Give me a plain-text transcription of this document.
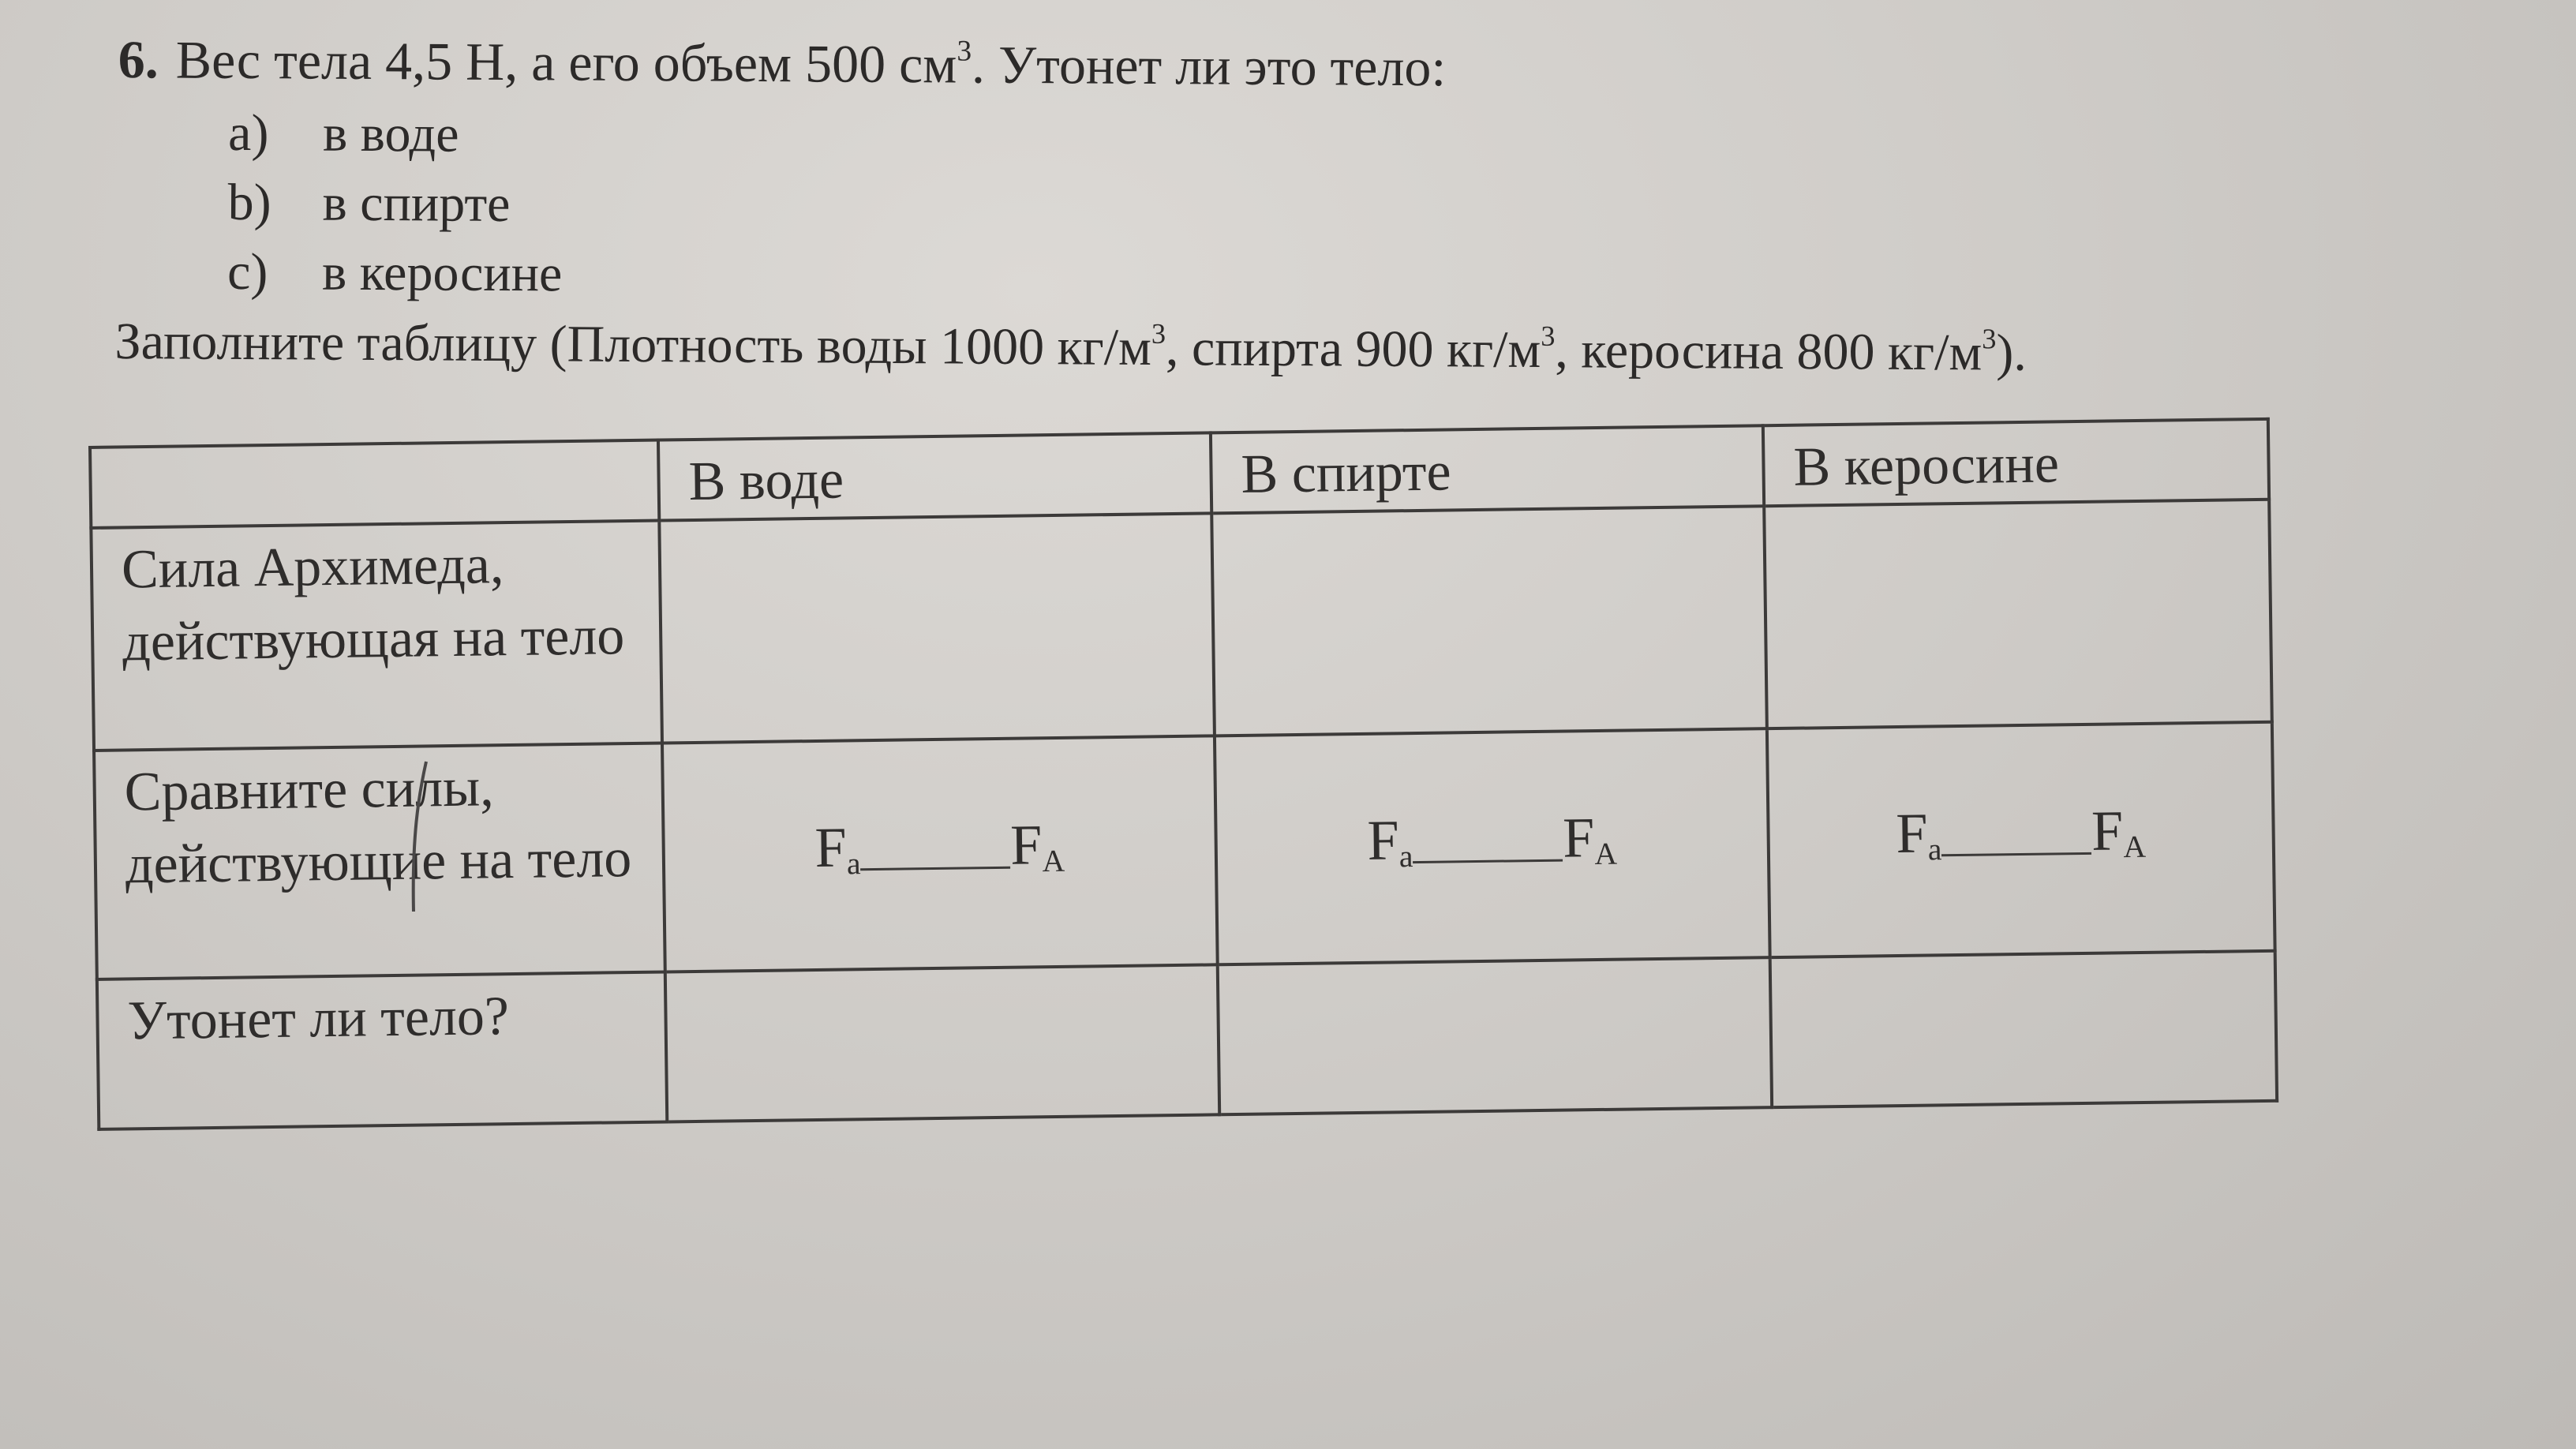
6. Вес тела 4,5 Н, а его объем 500 $см^3$. Утонет ли это тело:
a) в воде
b) в спирте
c) в керосине
Заполните таблицу (Плотность воды 1000 $кг/м^3$, спирта 900 $кг/м^3$, керосина 800 $кг/м^3$).
	В воде	В спирте	В керосине
Сила Архимеда, действующая на тело			
Сравните силы, действующие на тело	$F_a$ $F_A$	$F_a$ $F_A$	$F_a$ $F_A$
Утонет ли тело?			
